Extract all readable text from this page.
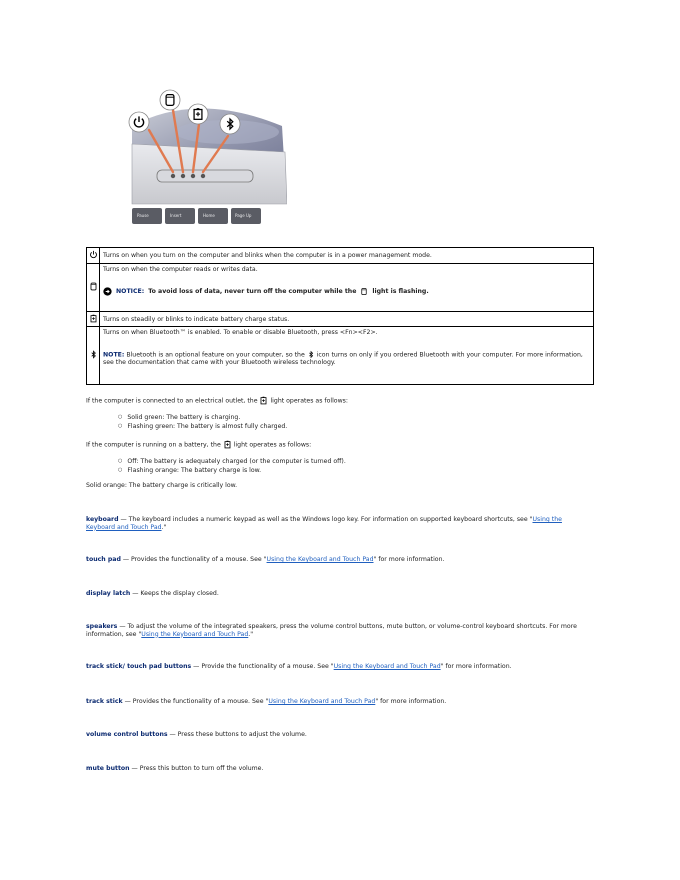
Pause	Insert	Home	Page Up
	Turns on when you turn on the computer and blinks when the computer is in a power management mode.

Turns on when the computer reads or writes data.
NOTICE: To avoid loss of data, never turn off the computer while the light is flashing.

	Turns on steadily or blinks to indicate battery charge status.

Turns on when Bluetooth™ is enabled. To enable or disable Bluetooth, press <Fn><F2>.
NOTE: Bluetooth is an optional feature on your computer, so the icon turns on only if you ordered Bluetooth with your computer. For more information, see the documentation that came with your Bluetooth wireless technology.

If the computer is connected to an electrical outlet, the light operates as follows:

○ Solid green: The battery is charging.
○ Flashing green: The battery is almost fully charged.

If the computer is running on a battery, the light operates as follows:

○ Off: The battery is adequately charged (or the computer is turned off).
○ Flashing orange: The battery charge is low.

Solid orange: The battery charge is critically low.

keyboard — The keyboard includes a numeric keypad as well as the Windows logo key. For information on supported keyboard shortcuts, see "Using the Keyboard and Touch Pad."

touch pad — Provides the functionality of a mouse. See "Using the Keyboard and Touch Pad" for more information.

display latch — Keeps the display closed.

speakers — To adjust the volume of the integrated speakers, press the volume control buttons, mute button, or volume-control keyboard shortcuts. For more information, see "Using the Keyboard and Touch Pad."

track stick/ touch pad buttons — Provide the functionality of a mouse. See "Using the Keyboard and Touch Pad" for more information.

track stick — Provides the functionality of a mouse. See "Using the Keyboard and Touch Pad" for more information.

volume control buttons — Press these buttons to adjust the volume.

mute button — Press this button to turn off the volume.
